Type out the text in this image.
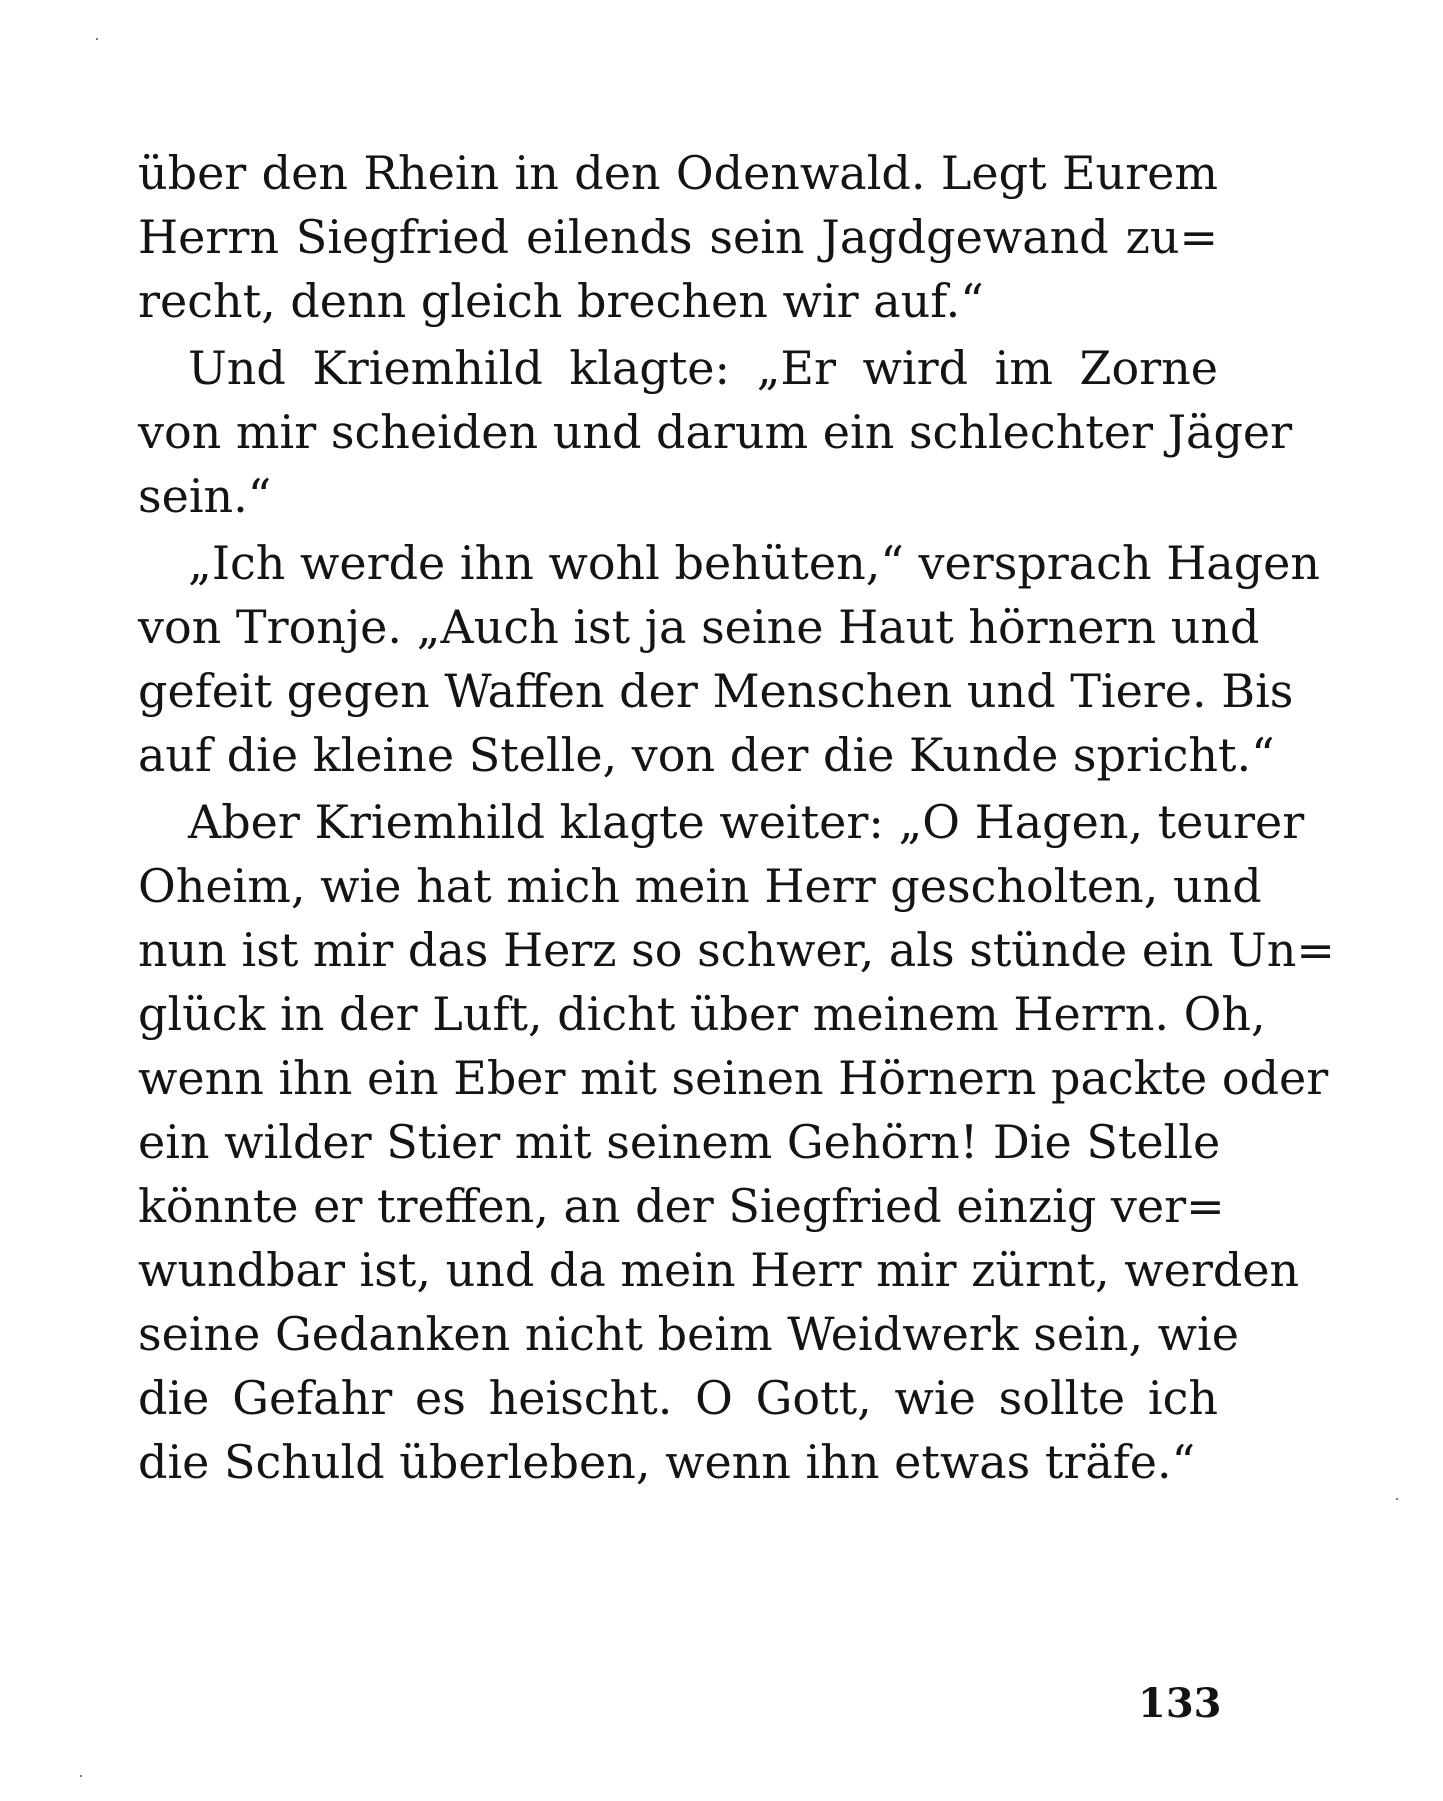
über den Rhein in den Odenwald. Legt Eurem
Herrn Siegfried eilends sein Jagdgewand zu=
recht, denn gleich brechen wir auf.“
Und Kriemhild klagte: „Er wird im Zorne
von mir scheiden und darum ein schlechter Jäger
sein.“
„Ich werde ihn wohl behüten,“ versprach Hagen
von Tronje. „Auch ist ja seine Haut hörnern und
gefeit gegen Waffen der Menschen und Tiere. Bis
auf die kleine Stelle, von der die Kunde spricht.“
Aber Kriemhild klagte weiter: „O Hagen, teurer
Oheim, wie hat mich mein Herr gescholten, und
nun ist mir das Herz so schwer, als stünde ein Un=
glück in der Luft, dicht über meinem Herrn. Oh,
wenn ihn ein Eber mit seinen Hörnern packte oder
ein wilder Stier mit seinem Gehörn! Die Stelle
könnte er treffen, an der Siegfried einzig ver=
wundbar ist, und da mein Herr mir zürnt, werden
seine Gedanken nicht beim Weidwerk sein, wie
die Gefahr es heischt. O Gott, wie sollte ich
die Schuld überleben, wenn ihn etwas träfe.“
133
